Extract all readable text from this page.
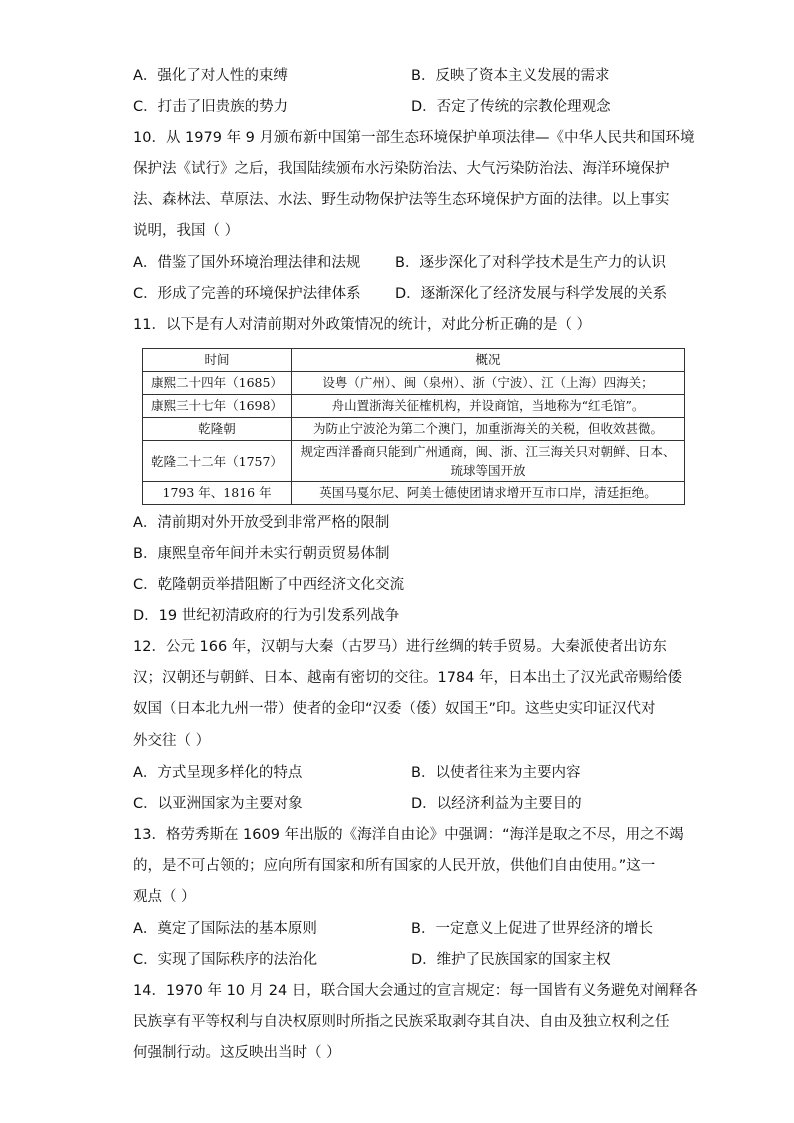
A．强化了对人性的束缚	B．反映了资本主义发展的需求
C．打击了旧贵族的势力	D．否定了传统的宗教伦理观念
10．从 1979 年 9 月颁布新中国第一部生态环境保护单项法律—《中华人民共和国环境
保护法《试行》之后，我国陆续颁布水污染防治法、大气污染防治法、海洋环境保护
法、森林法、草原法、水法、野生动物保护法等生态环境保护方面的法律。以上事实
说明，我国（ ）
A．借鉴了国外环境治理法律和法规 B．逐步深化了对科学技术是生产力的认识
C．形成了完善的环境保护法律体系 D．逐渐深化了经济发展与科学发展的关系
11．以下是有人对清前期对外政策情况的统计，对此分析正确的是（ ）
时间	概况
康熙二十四年（1685）	设粤（广州）、闽（泉州）、浙（宁波）、江（上海）四海关；
康熙三十七年（1698）	舟山置浙海关征榷机构，并设商馆，当地称为“红毛馆”。
乾隆朝	为防止宁波沦为第二个澳门，加重浙海关的关税，但收效甚微。
乾隆二十二年（1757）	规定西洋番商只能到广州通商，闽、浙、江三海关只对朝鲜、日本、琉球等国开放
1793 年、1816 年	英国马戛尔尼、阿美士德使团请求增开互市口岸，清廷拒绝。
A．清前期对外开放受到非常严格的限制
B．康熙皇帝年间并未实行朝贡贸易体制
C．乾隆朝贡举措阻断了中西经济文化交流
D．19 世纪初清政府的行为引发系列战争
12．公元 166 年，汉朝与大秦（古罗马）进行丝绸的转手贸易。大秦派使者出访东
汉；汉朝还与朝鲜、日本、越南有密切的交往。1784 年，日本出土了汉光武帝赐给倭
奴国（日本北九州一带）使者的金印“汉委（倭）奴国王”印。这些史实印证汉代对
外交往（ ）
A．方式呈现多样化的特点	B．以使者往来为主要内容
C．以亚洲国家为主要对象	D．以经济利益为主要目的
13．格劳秀斯在 1609 年出版的《海洋自由论》中强调：“海洋是取之不尽，用之不竭
的，是不可占领的；应向所有国家和所有国家的人民开放，供他们自由使用。”这一
观点（ ）
A．奠定了国际法的基本原则	B．一定意义上促进了世界经济的增长
C．实现了国际秩序的法治化	D．维护了民族国家的国家主权
14．1970 年 10 月 24 日，联合国大会通过的宣言规定：每一国皆有义务避免对阐释各
民族享有平等权利与自决权原则时所指之民族采取剥夺其自决、自由及独立权利之任
何强制行动。这反映出当时（ ）
